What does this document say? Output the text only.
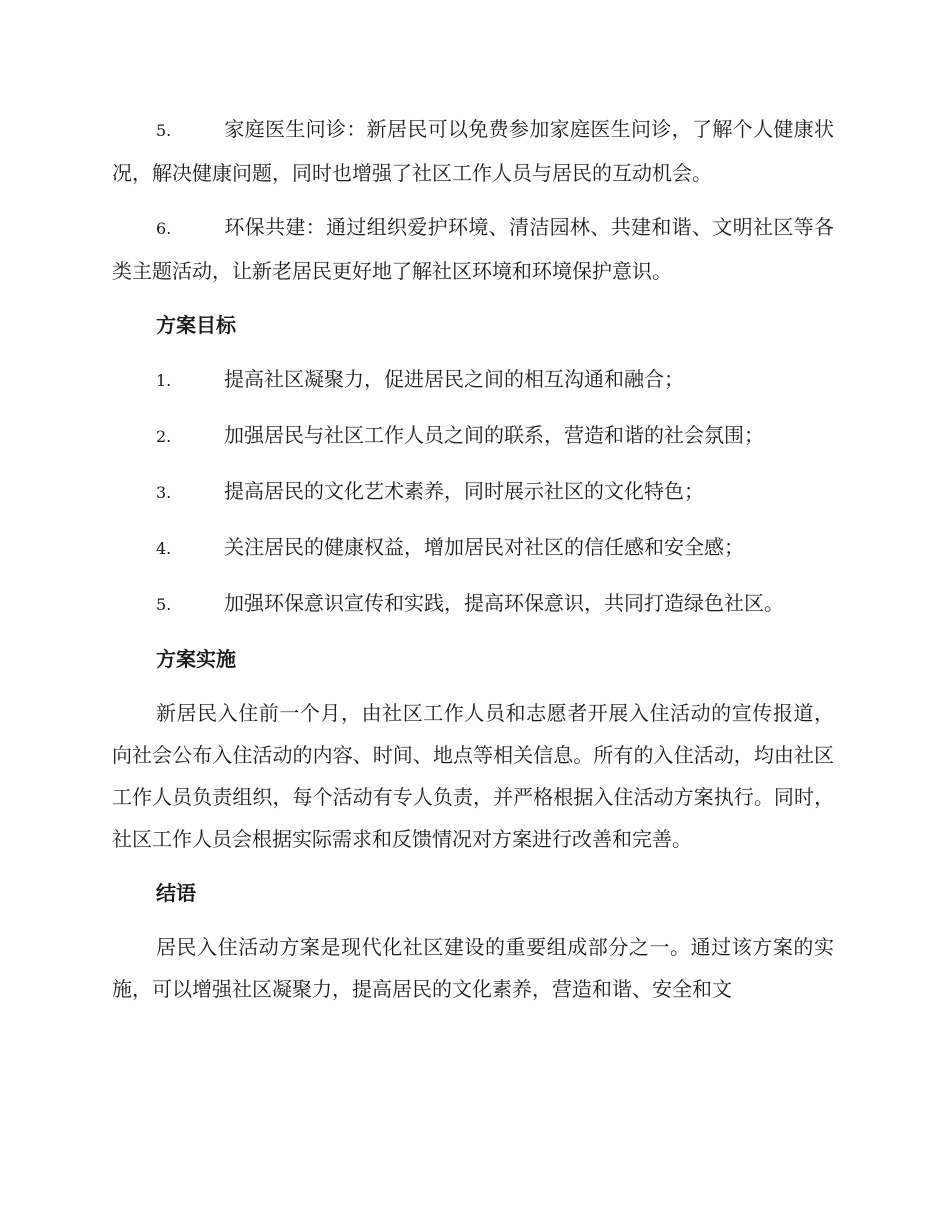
5.	家庭医生问诊：新居民可以免费参加家庭医生问诊，了解个人健康状况，解决健康问题，同时也增强了社区工作人员与居民的互动机会。

6.	环保共建：通过组织爱护环境、清洁园林、共建和谐、文明社区等各类主题活动，让新老居民更好地了解社区环境和环境保护意识。

方案目标

1.	提高社区凝聚力，促进居民之间的相互沟通和融合；

2.	加强居民与社区工作人员之间的联系，营造和谐的社会氛围；

3.	提高居民的文化艺术素养，同时展示社区的文化特色；

4.	关注居民的健康权益，增加居民对社区的信任感和安全感；

5.	加强环保意识宣传和实践，提高环保意识，共同打造绿色社区。

方案实施

新居民入住前一个月，由社区工作人员和志愿者开展入住活动的宣传报道，向社会公布入住活动的内容、时间、地点等相关信息。所有的入住活动，均由社区工作人员负责组织，每个活动有专人负责，并严格根据入住活动方案执行。同时，社区工作人员会根据实际需求和反馈情况对方案进行改善和完善。

结语

居民入住活动方案是现代化社区建设的重要组成部分之一。通过该方案的实施，可以增强社区凝聚力，提高居民的文化素养，营造和谐、安全和文
